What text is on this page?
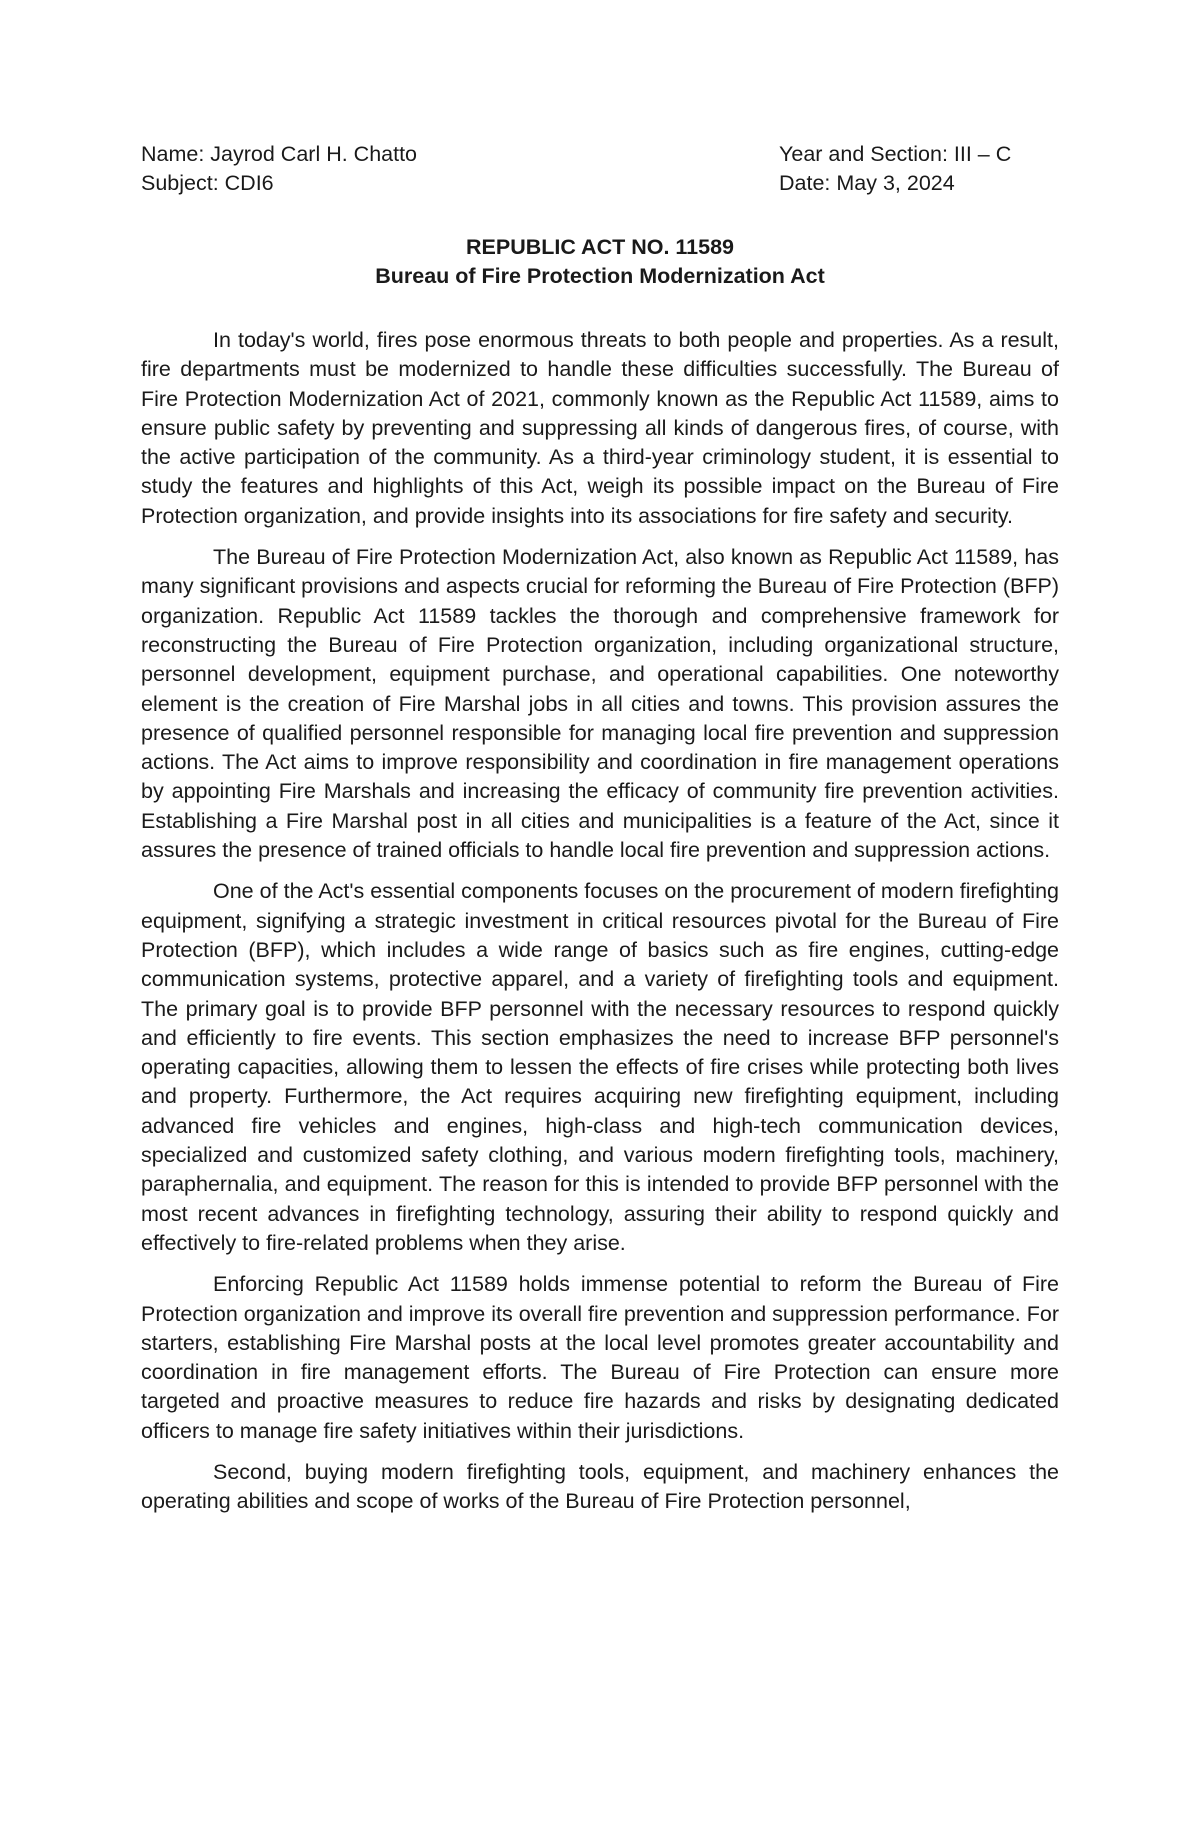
Name: Jayrod Carl H. Chatto
Subject: CDI6
Year and Section: III – C
Date: May 3, 2024
REPUBLIC ACT NO. 11589
Bureau of Fire Protection Modernization Act

In today's world, fires pose enormous threats to both people and properties. As a result, fire departments must be modernized to handle these difficulties successfully. The Bureau of Fire Protection Modernization Act of 2021, commonly known as the Republic Act 11589, aims to ensure public safety by preventing and suppressing all kinds of dangerous fires, of course, with the active participation of the community. As a third-year criminology student, it is essential to study the features and highlights of this Act, weigh its possible impact on the Bureau of Fire Protection organization, and provide insights into its associations for fire safety and security.

The Bureau of Fire Protection Modernization Act, also known as Republic Act 11589, has many significant provisions and aspects crucial for reforming the Bureau of Fire Protection (BFP) organization. Republic Act 11589 tackles the thorough and comprehensive framework for reconstructing the Bureau of Fire Protection organization, including organizational structure, personnel development, equipment purchase, and operational capabilities. One noteworthy element is the creation of Fire Marshal jobs in all cities and towns. This provision assures the presence of qualified personnel responsible for managing local fire prevention and suppression actions. The Act aims to improve responsibility and coordination in fire management operations by appointing Fire Marshals and increasing the efficacy of community fire prevention activities. Establishing a Fire Marshal post in all cities and municipalities is a feature of the Act, since it assures the presence of trained officials to handle local fire prevention and suppression actions.

One of the Act's essential components focuses on the procurement of modern firefighting equipment, signifying a strategic investment in critical resources pivotal for the Bureau of Fire Protection (BFP), which includes a wide range of basics such as fire engines, cutting-edge communication systems, protective apparel, and a variety of firefighting tools and equipment. The primary goal is to provide BFP personnel with the necessary resources to respond quickly and efficiently to fire events. This section emphasizes the need to increase BFP personnel's operating capacities, allowing them to lessen the effects of fire crises while protecting both lives and property. Furthermore, the Act requires acquiring new firefighting equipment, including advanced fire vehicles and engines, high-class and high-tech communication devices, specialized and customized safety clothing, and various modern firefighting tools, machinery, paraphernalia, and equipment. The reason for this is intended to provide BFP personnel with the most recent advances in firefighting technology, assuring their ability to respond quickly and effectively to fire-related problems when they arise.

Enforcing Republic Act 11589 holds immense potential to reform the Bureau of Fire Protection organization and improve its overall fire prevention and suppression performance. For starters, establishing Fire Marshal posts at the local level promotes greater accountability and coordination in fire management efforts. The Bureau of Fire Protection can ensure more targeted and proactive measures to reduce fire hazards and risks by designating dedicated officers to manage fire safety initiatives within their jurisdictions.

Second, buying modern firefighting tools, equipment, and machinery enhances the operating abilities and scope of works of the Bureau of Fire Protection personnel,
